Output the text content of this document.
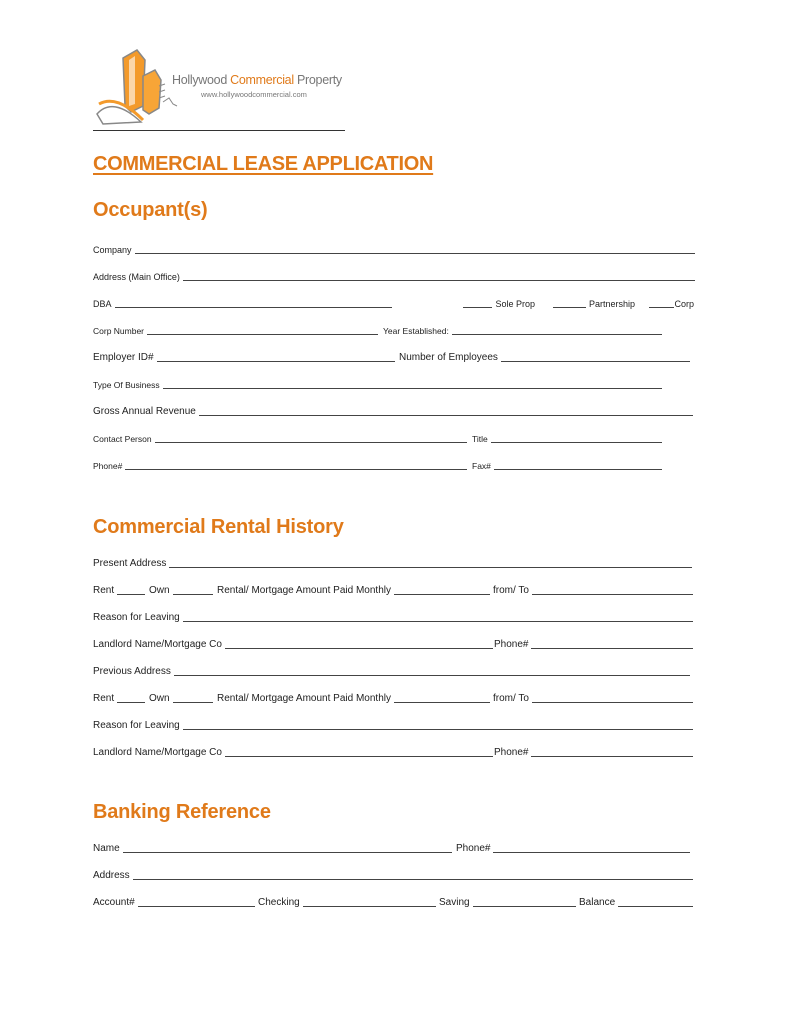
Hollywood Commercial Property
www.hollywoodcommercial.com
COMMERCIAL LEASE APPLICATION
Occupant(s)
Company
Address (Main Office)
DBA	Sole Prop	Partnership	Corp
Corp Number	Year Established:
Employer ID#	Number of Employees
Type Of Business
Gross Annual Revenue
Contact Person	Title
Phone#	Fax#
Commercial Rental History
Present Address
Rent	Own	Rental/ Mortgage Amount Paid Monthly	from/ To
Reason for Leaving
Landlord Name/Mortgage Co	Phone#
Previous Address
Rent	Own	Rental/ Mortgage Amount Paid Monthly	from/ To
Reason for Leaving
Landlord Name/Mortgage Co	Phone#
Banking Reference
Name	Phone#
Address
Account#	Checking	Saving	Balance
